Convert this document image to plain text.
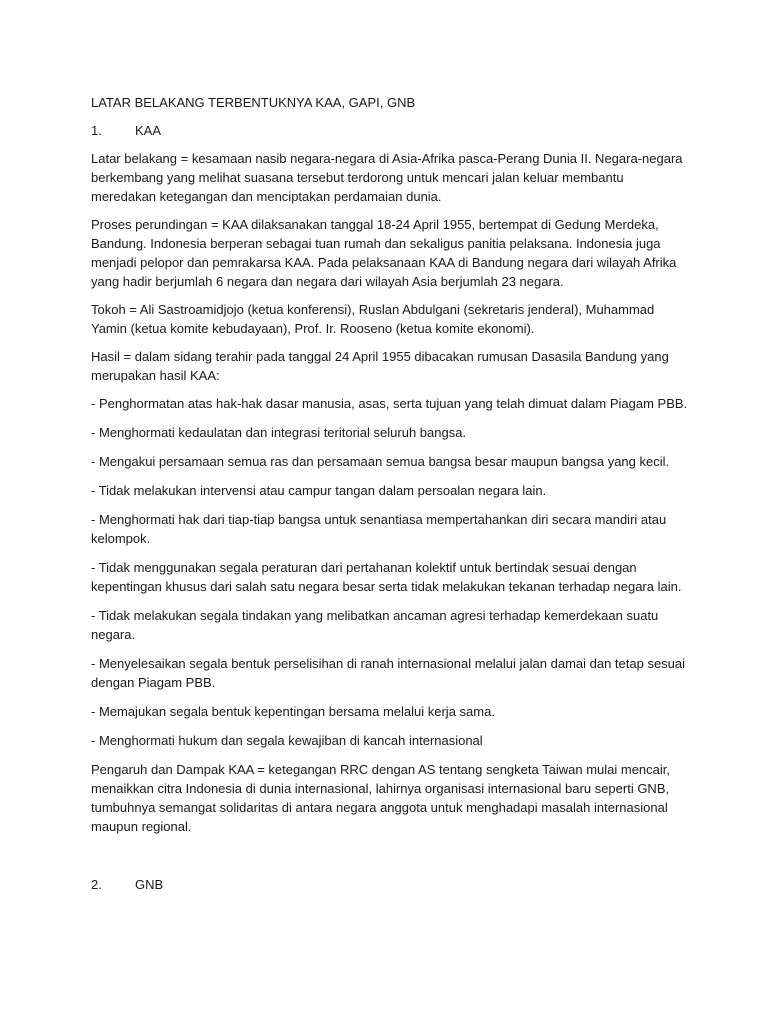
LATAR BELAKANG TERBENTUKNYA KAA, GAPI, GNB
1.	KAA

Latar belakang = kesamaan nasib negara-negara di Asia-Afrika pasca-Perang Dunia II. Negara-negara berkembang yang melihat suasana tersebut terdorong untuk mencari jalan keluar membantu meredakan ketegangan dan menciptakan perdamaian dunia.

Proses perundingan = KAA dilaksanakan tanggal 18-24 April 1955, bertempat di Gedung Merdeka, Bandung. Indonesia berperan sebagai tuan rumah dan sekaligus panitia pelaksana. Indonesia juga menjadi pelopor dan pemrakarsa KAA. Pada pelaksanaan KAA di Bandung negara dari wilayah Afrika yang hadir berjumlah 6 negara dan negara dari wilayah Asia berjumlah 23 negara.

Tokoh = Ali Sastroamidjojo (ketua konferensi), Ruslan Abdulgani (sekretaris jenderal), Muhammad Yamin (ketua komite kebudayaan), Prof. Ir. Rooseno (ketua komite ekonomi).

Hasil = dalam sidang terahir pada tanggal 24 April 1955 dibacakan rumusan Dasasila Bandung yang merupakan hasil KAA:

- Penghormatan atas hak-hak dasar manusia, asas, serta tujuan yang telah dimuat dalam Piagam PBB.
- Menghormati kedaulatan dan integrasi teritorial seluruh bangsa.
- Mengakui persamaan semua ras dan persamaan semua bangsa besar maupun bangsa yang kecil.
- Tidak melakukan intervensi atau campur tangan dalam persoalan negara lain.
- Menghormati hak dari tiap-tiap bangsa untuk senantiasa mempertahankan diri secara mandiri atau kelompok.
- Tidak menggunakan segala peraturan dari pertahanan kolektif untuk bertindak sesuai dengan kepentingan khusus dari salah satu negara besar serta tidak melakukan tekanan terhadap negara lain.
- Tidak melakukan segala tindakan yang melibatkan ancaman agresi terhadap kemerdekaan suatu negara.
- Menyelesaikan segala bentuk perselisihan di ranah internasional melalui jalan damai dan tetap sesuai dengan Piagam PBB.
- Memajukan segala bentuk kepentingan bersama melalui kerja sama.
- Menghormati hukum dan segala kewajiban di kancah internasional

Pengaruh dan Dampak KAA = ketegangan RRC dengan AS tentang sengketa Taiwan mulai mencair, menaikkan citra Indonesia di dunia internasional, lahirnya organisasi internasional baru seperti GNB, tumbuhnya semangat solidaritas di antara negara anggota untuk menghadapi masalah internasional maupun regional.

2.	GNB
